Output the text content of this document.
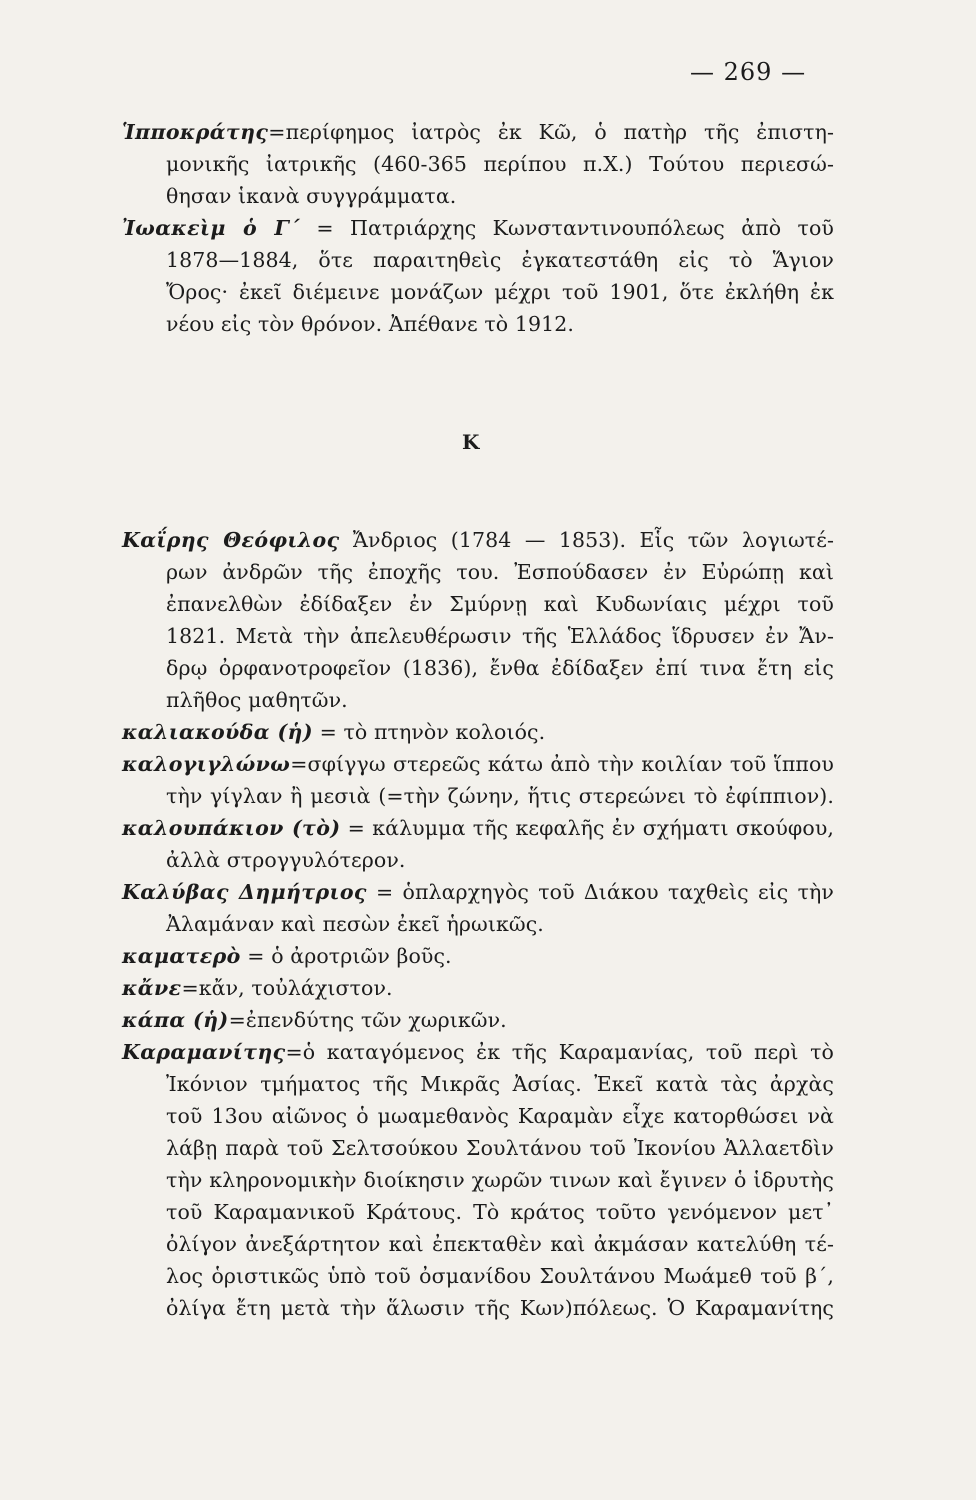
— 269 —
Ἱπποκράτης=περίφημος ἰατρὸς ἐκ Κῶ, ὁ πατὴρ τῆς ἐπιστη-
μονικῆς ἰατρικῆς (460-365 περίπου π.Χ.) Τούτου περιεσώ-
θησαν ἱκανὰ συγγράμματα.
Ἰωακεὶμ ὁ Γ΄ = Πατριάρχης Κωνσταντινουπόλεως ἀπὸ τοῦ
1878—1884, ὅτε παραιτηθεὶς ἐγκατεστάθη εἰς τὸ Ἅγιον
Ὄρος· ἐκεῖ διέμεινε μονάζων μέχρι τοῦ 1901, ὅτε ἐκλήθη ἐκ
νέου εἰς τὸν θρόνον. Ἀπέθανε τὸ 1912.
Κ
Καΐρης Θεόφιλος Ἄνδριος (1784 — 1853). Εἷς τῶν λογιωτέ-
ρων ἀνδρῶν τῆς ἐποχῆς του. Ἐσπούδασεν ἐν Εὐρώπῃ καὶ
ἐπανελθὼν ἐδίδαξεν ἐν Σμύρνῃ καὶ Κυδωνίαις μέχρι τοῦ
1821. Μετὰ τὴν ἀπελευθέρωσιν τῆς Ἑλλάδος ἵδρυσεν ἐν Ἄν-
δρῳ ὀρφανοτροφεῖον (1836), ἔνθα ἐδίδαξεν ἐπί τινα ἔτη εἰς
πλῆθος μαθητῶν.
καλιακούδα (ἡ) = τὸ πτηνὸν κολοιός.
καλογιγλώνω=σφίγγω στερεῶς κάτω ἀπὸ τὴν κοιλίαν τοῦ ἵππου
τὴν γίγλαν ἢ μεσιὰ (=τὴν ζώνην, ἥτις στερεώνει τὸ ἐφίππιον).
καλουπάκιον (τὸ) = κάλυμμα τῆς κεφαλῆς ἐν σχήματι σκούφου,
ἀλλὰ στρογγυλότερον.
Καλύβας Δημήτριος = ὁπλαρχηγὸς τοῦ Διάκου ταχθεὶς εἰς τὴν
Ἀλαμάναν καὶ πεσὼν ἐκεῖ ἡρωικῶς.
καματερὸ = ὁ ἀροτριῶν βοῦς.
κἄνε=κἄν, τοὐλάχιστον.
κάπα (ἡ)=ἐπενδύτης τῶν χωρικῶν.
Καραμανίτης=ὁ καταγόμενος ἐκ τῆς Καραμανίας, τοῦ περὶ τὸ
Ἰκόνιον τμήματος τῆς Μικρᾶς Ἀσίας. Ἐκεῖ κατὰ τὰς ἀρχὰς
τοῦ 13ου αἰῶνος ὁ μωαμεθανὸς Καραμὰν εἶχε κατορθώσει νὰ
λάβῃ παρὰ τοῦ Σελτσούκου Σουλτάνου τοῦ Ἰκονίου Ἀλλαετδὶν
τὴν κληρονομικὴν διοίκησιν χωρῶν τινων καὶ ἔγινεν ὁ ἱδρυτὴς
τοῦ Καραμανικοῦ Κράτους. Τὸ κράτος τοῦτο γενόμενον μετ᾽
ὀλίγον ἀνεξάρτητον καὶ ἐπεκταθὲν καὶ ἀκμάσαν κατελύθη τέ-
λος ὁριστικῶς ὑπὸ τοῦ ὀσμανίδου Σουλτάνου Μωάμεθ τοῦ β΄,
ὀλίγα ἔτη μετὰ τὴν ἅλωσιν τῆς Κων)πόλεως. Ὁ Καραμανίτης
